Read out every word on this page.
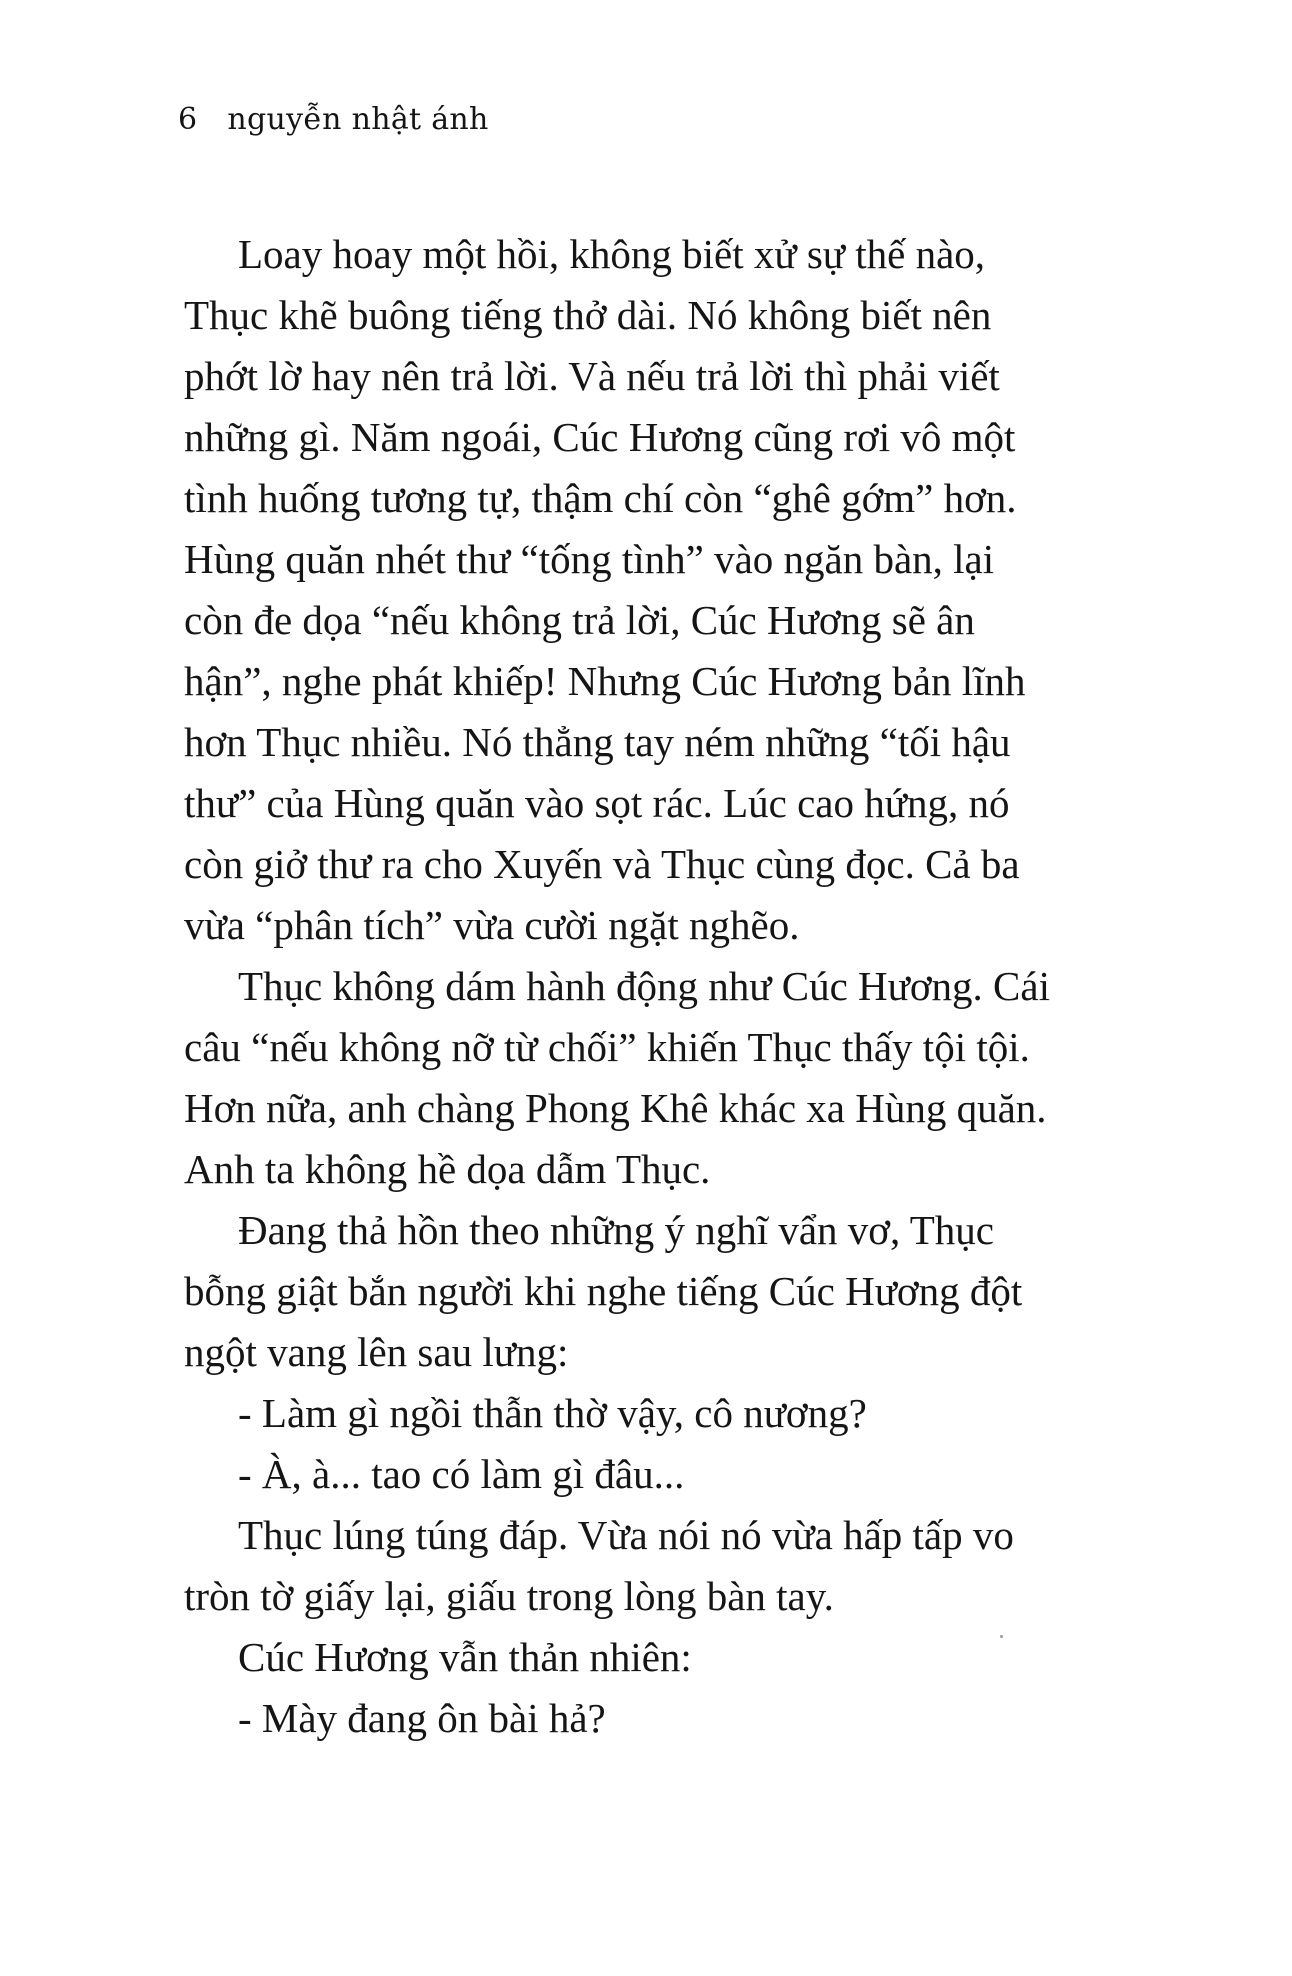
6 nguyễn nhật ánh
Loay hoay một hồi, không biết xử sự thế nào,
Thục khẽ buông tiếng thở dài. Nó không biết nên
phớt lờ hay nên trả lời. Và nếu trả lời thì phải viết
những gì. Năm ngoái, Cúc Hương cũng rơi vô một
tình huống tương tự, thậm chí còn “ghê gớm” hơn.
Hùng quăn nhét thư “tống tình” vào ngăn bàn, lại
còn đe dọa “nếu không trả lời, Cúc Hương sẽ ân
hận”, nghe phát khiếp! Nhưng Cúc Hương bản lĩnh
hơn Thục nhiều. Nó thẳng tay ném những “tối hậu
thư” của Hùng quăn vào sọt rác. Lúc cao hứng, nó
còn giở thư ra cho Xuyến và Thục cùng đọc. Cả ba
vừa “phân tích” vừa cười ngặt nghẽo.
Thục không dám hành động như Cúc Hương. Cái
câu “nếu không nỡ từ chối” khiến Thục thấy tội tội.
Hơn nữa, anh chàng Phong Khê khác xa Hùng quăn.
Anh ta không hề dọa dẫm Thục.
Đang thả hồn theo những ý nghĩ vẩn vơ, Thục
bỗng giật bắn người khi nghe tiếng Cúc Hương đột
ngột vang lên sau lưng:
- Làm gì ngồi thẫn thờ vậy, cô nương?
- À, à... tao có làm gì đâu...
Thục lúng túng đáp. Vừa nói nó vừa hấp tấp vo
tròn tờ giấy lại, giấu trong lòng bàn tay.
Cúc Hương vẫn thản nhiên:
- Mày đang ôn bài hả?
